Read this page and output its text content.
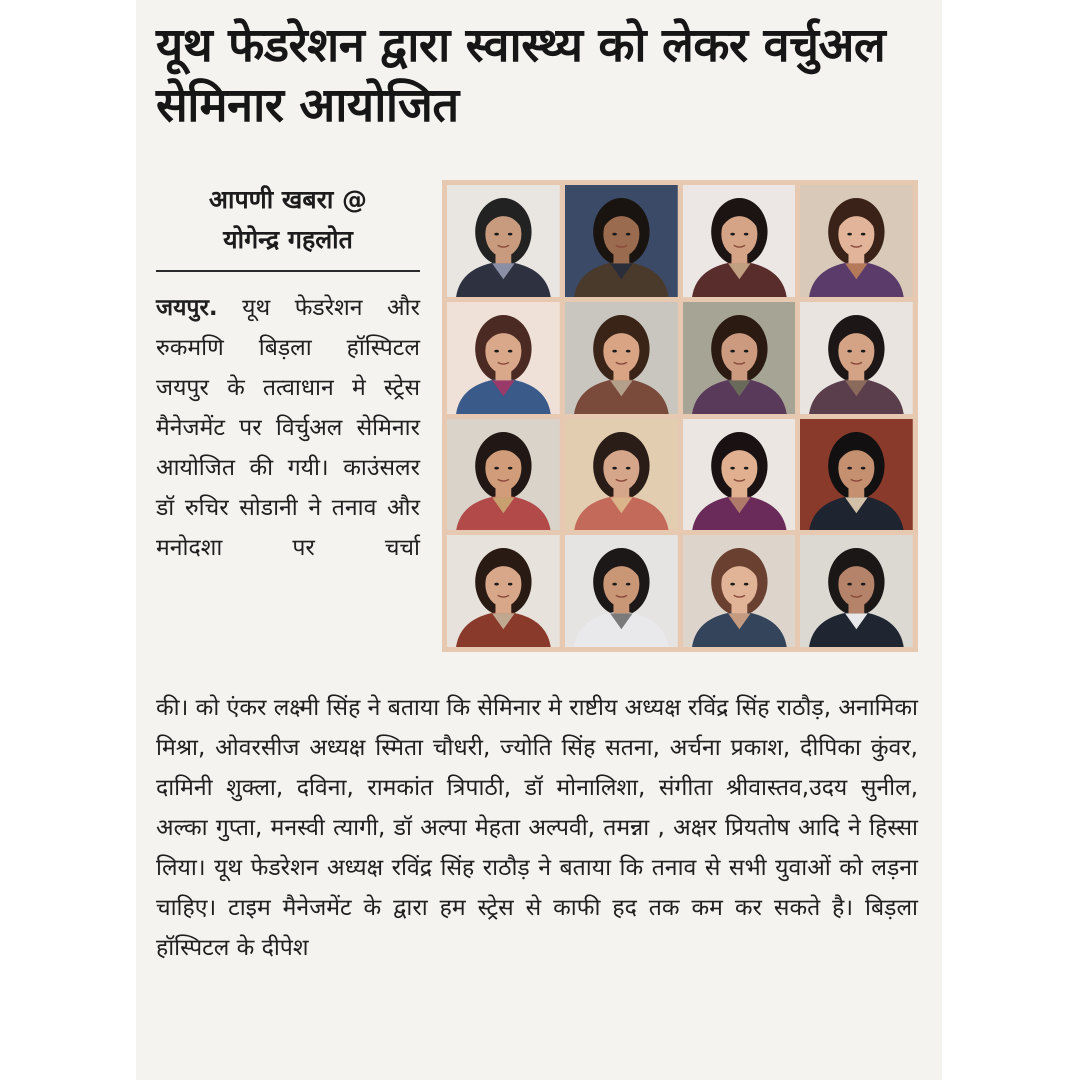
यूथ फेडरेशन द्वारा स्वास्थ्य को लेकर वर्चुअल सेमिनार आयोजित
आपणी खबरा @
योगेन्द्र गहलोत
जयपुर. यूथ फेडरेशन और रुकमणि बिड़ला हॉस्पिटल जयपुर के तत्वाधान मे स्ट्रेस मैनेजमेंट पर विर्चुअल सेमिनार आयोजित की गयी। काउंसलर डॉ रुचिर सोडानी ने तनाव और मनोदशा पर चर्चा
की। को एंकर लक्ष्मी सिंह ने बताया कि सेमिनार मे राष्टीय अध्यक्ष रविंद्र सिंह राठौड़, अनामिका मिश्रा, ओवरसीज अध्यक्ष स्मिता चौधरी, ज्योति सिंह सतना, अर्चना प्रकाश, दीपिका कुंवर, दामिनी शुक्ला, दविना, रामकांत त्रिपाठी, डॉ मोनालिशा, संगीता श्रीवास्तव,उदय सुनील, अल्का गुप्ता, मनस्वी त्यागी, डॉ अल्पा मेहता अल्पवी, तमन्ना , अक्षर प्रियतोष आदि ने हिस्सा लिया। यूथ फेडरेशन अध्यक्ष रविंद्र सिंह राठौड़ ने बताया कि तनाव से सभी युवाओं को लड़ना चाहिए। टाइम मैनेजमेंट के द्वारा हम स्ट्रेस से काफी हद तक कम कर सकते है। बिड़ला हॉस्पिटल के दीपेश
